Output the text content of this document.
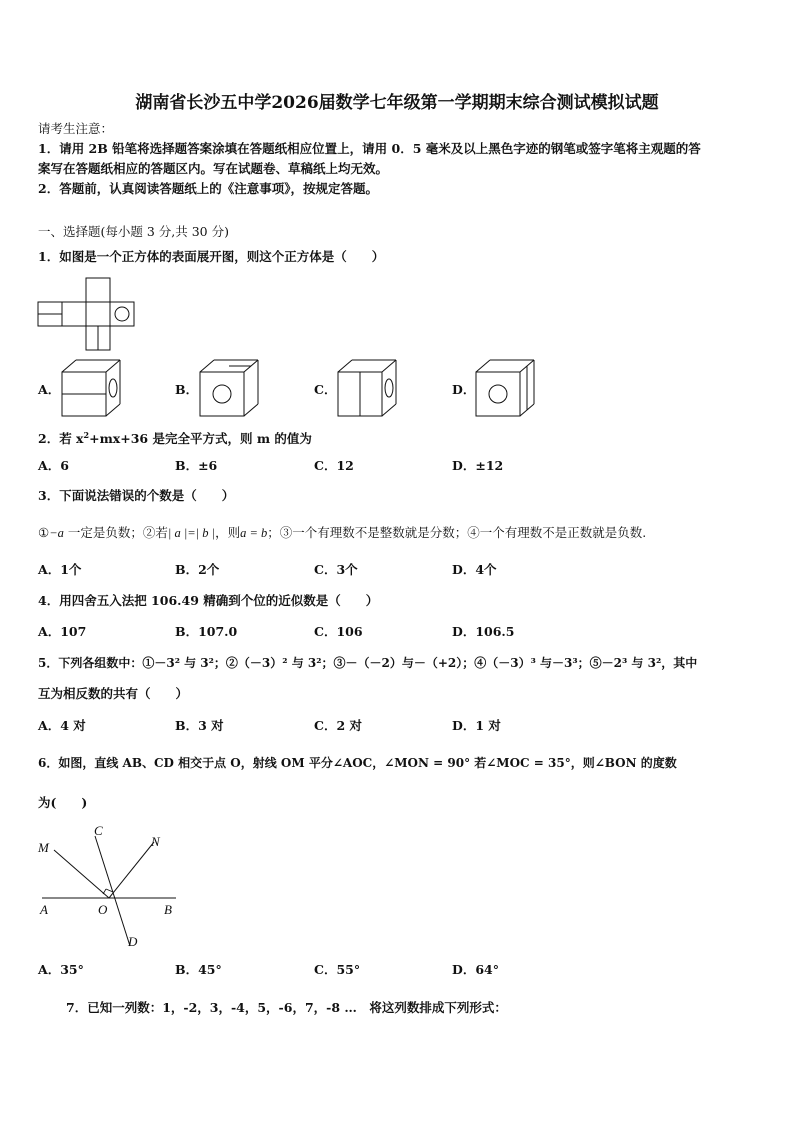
湖南省长沙五中学2026届数学七年级第一学期期末综合测试模拟试题
请考生注意：
1．请用 2B 铅笔将选择题答案涂填在答题纸相应位置上，请用 0．5 毫米及以上黑色字迹的钢笔或签字笔将主观题的答
案写在答题纸相应的答题区内。写在试题卷、草稿纸上均无效。
2．答题前，认真阅读答题纸上的《注意事项》，按规定答题。
一、选择题(每小题 3 分,共 30 分)
1．如图是一个正方体的表面展开图，则这个正方体是（　　）
A．	B．	C．	D．
2．若 $x^2+mx+36$ 是完全平方式，则 m 的值为
A．6	B．±6	C．12	D．±12
3．下面说法错误的个数是（　　）
①−a 一定是负数；②若| a |=| b |，则a = b；③一个有理数不是整数就是分数；④一个有理数不是正数就是负数.
A．1个	B．2个	C．3个	D．4个
4．用四舍五入法把 106.49 精确到个位的近似数是（　　）
A．107	B．107.0	C．106	D．106.5
5．下列各组数中：①－3² 与 3²；②（－3）² 与 3²；③－（－2）与－（+2）；④（－3）³ 与－3³；⑤－2³ 与 3²，其中
互为相反数的共有（　　）
A．4 对	B．3 对	C．2 对	D．1 对
6．如图，直线 AB、CD 相交于点 O，射线 OM 平分∠AOC，∠MON = 90° 若∠MOC = 35°，则∠BON 的度数
为(　　)
M
C
N
A	O	B
D
A．35°	B．45°	C．55°	D．64°
7．已知一列数：1，-2，3，-4，5，-6，7，-8 …　将这列数排成下列形式：
